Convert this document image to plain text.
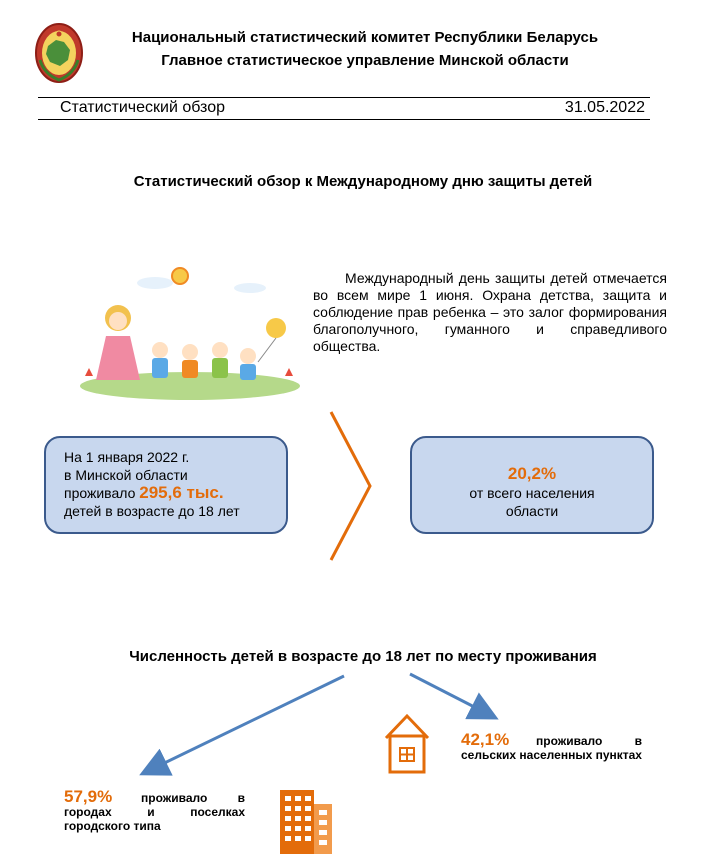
Национальный статистический комитет Республики Беларусь
Главное статистическое управление Минской области
Статистический обзор	31.05.2022
Статистический обзор к Международному дню защиты детей
Международный день защиты детей отмечается во всем мире 1 июня. Охрана детства, защита и соблюдение прав ребенка – это залог формирования благополучного, гуманного и справедливого общества.
На 1 января 2022 г.
в Минской области
проживало 295,6 тыс.
детей в возрасте до 18 лет
20,2%
от всего населения
области
Численность детей в возрасте до 18 лет по месту проживания
42,1% проживало в
сельских населенных пунктах
57,9% проживало в
городах и поселках городского типа
